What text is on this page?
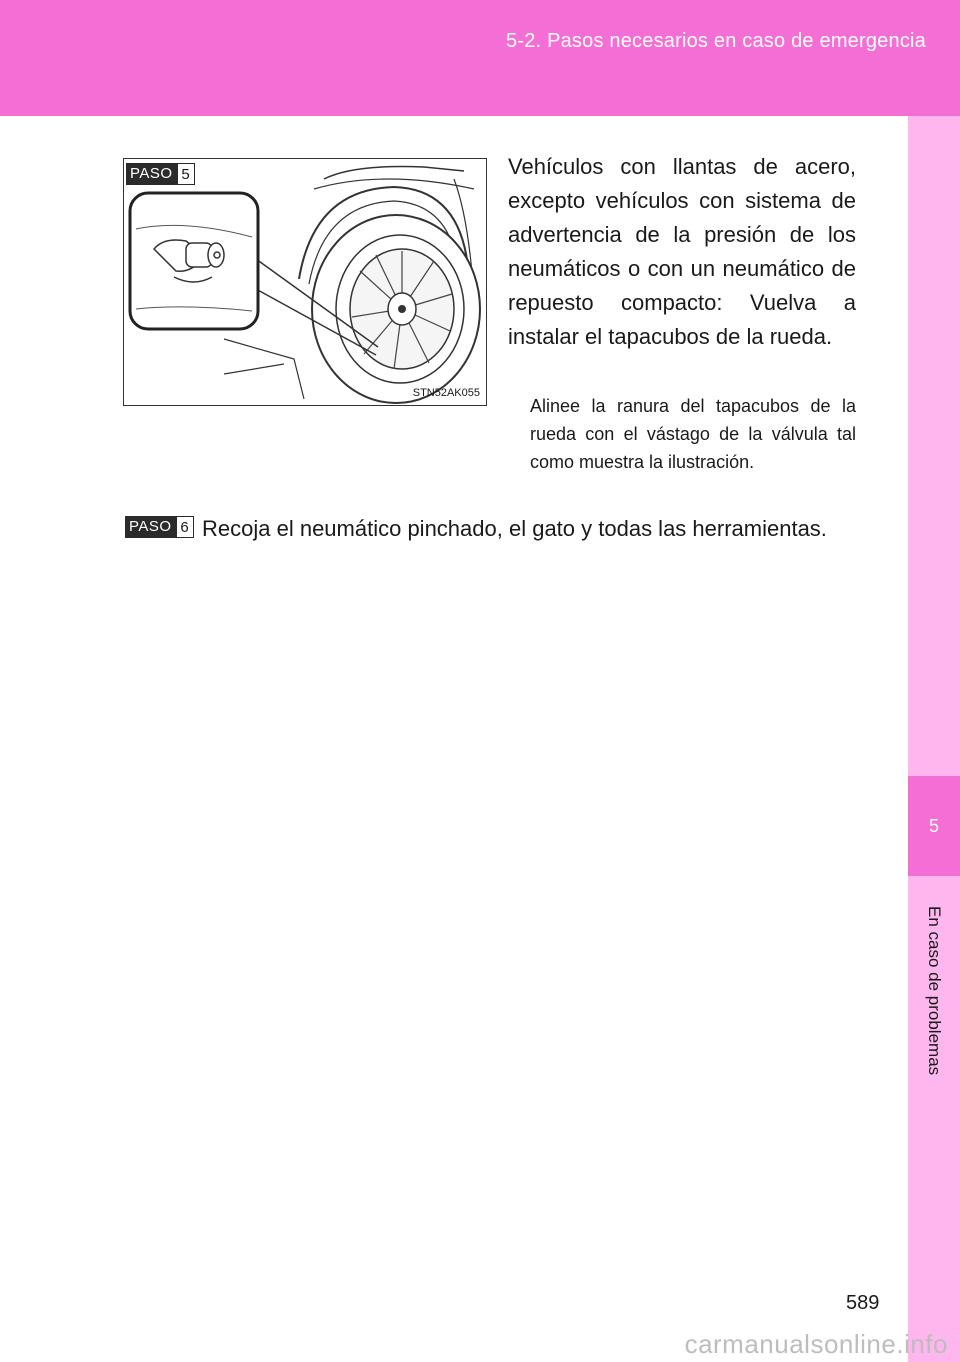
5-2. Pasos necesarios en caso de emergencia
5
En caso de problemas
PASO 5
STN52AK055
Vehículos con llantas de acero, excepto vehículos con sistema de advertencia de la presión de los neumáticos o con un neumático de repuesto compacto: Vuelva a instalar el tapacubos de la rueda.
Alinee la ranura del tapacubos de la rueda con el vástago de la válvula tal como muestra la ilustración.
PASO 6 Recoja el neumático pinchado, el gato y todas las herramientas.
589
carmanualsonline.info
